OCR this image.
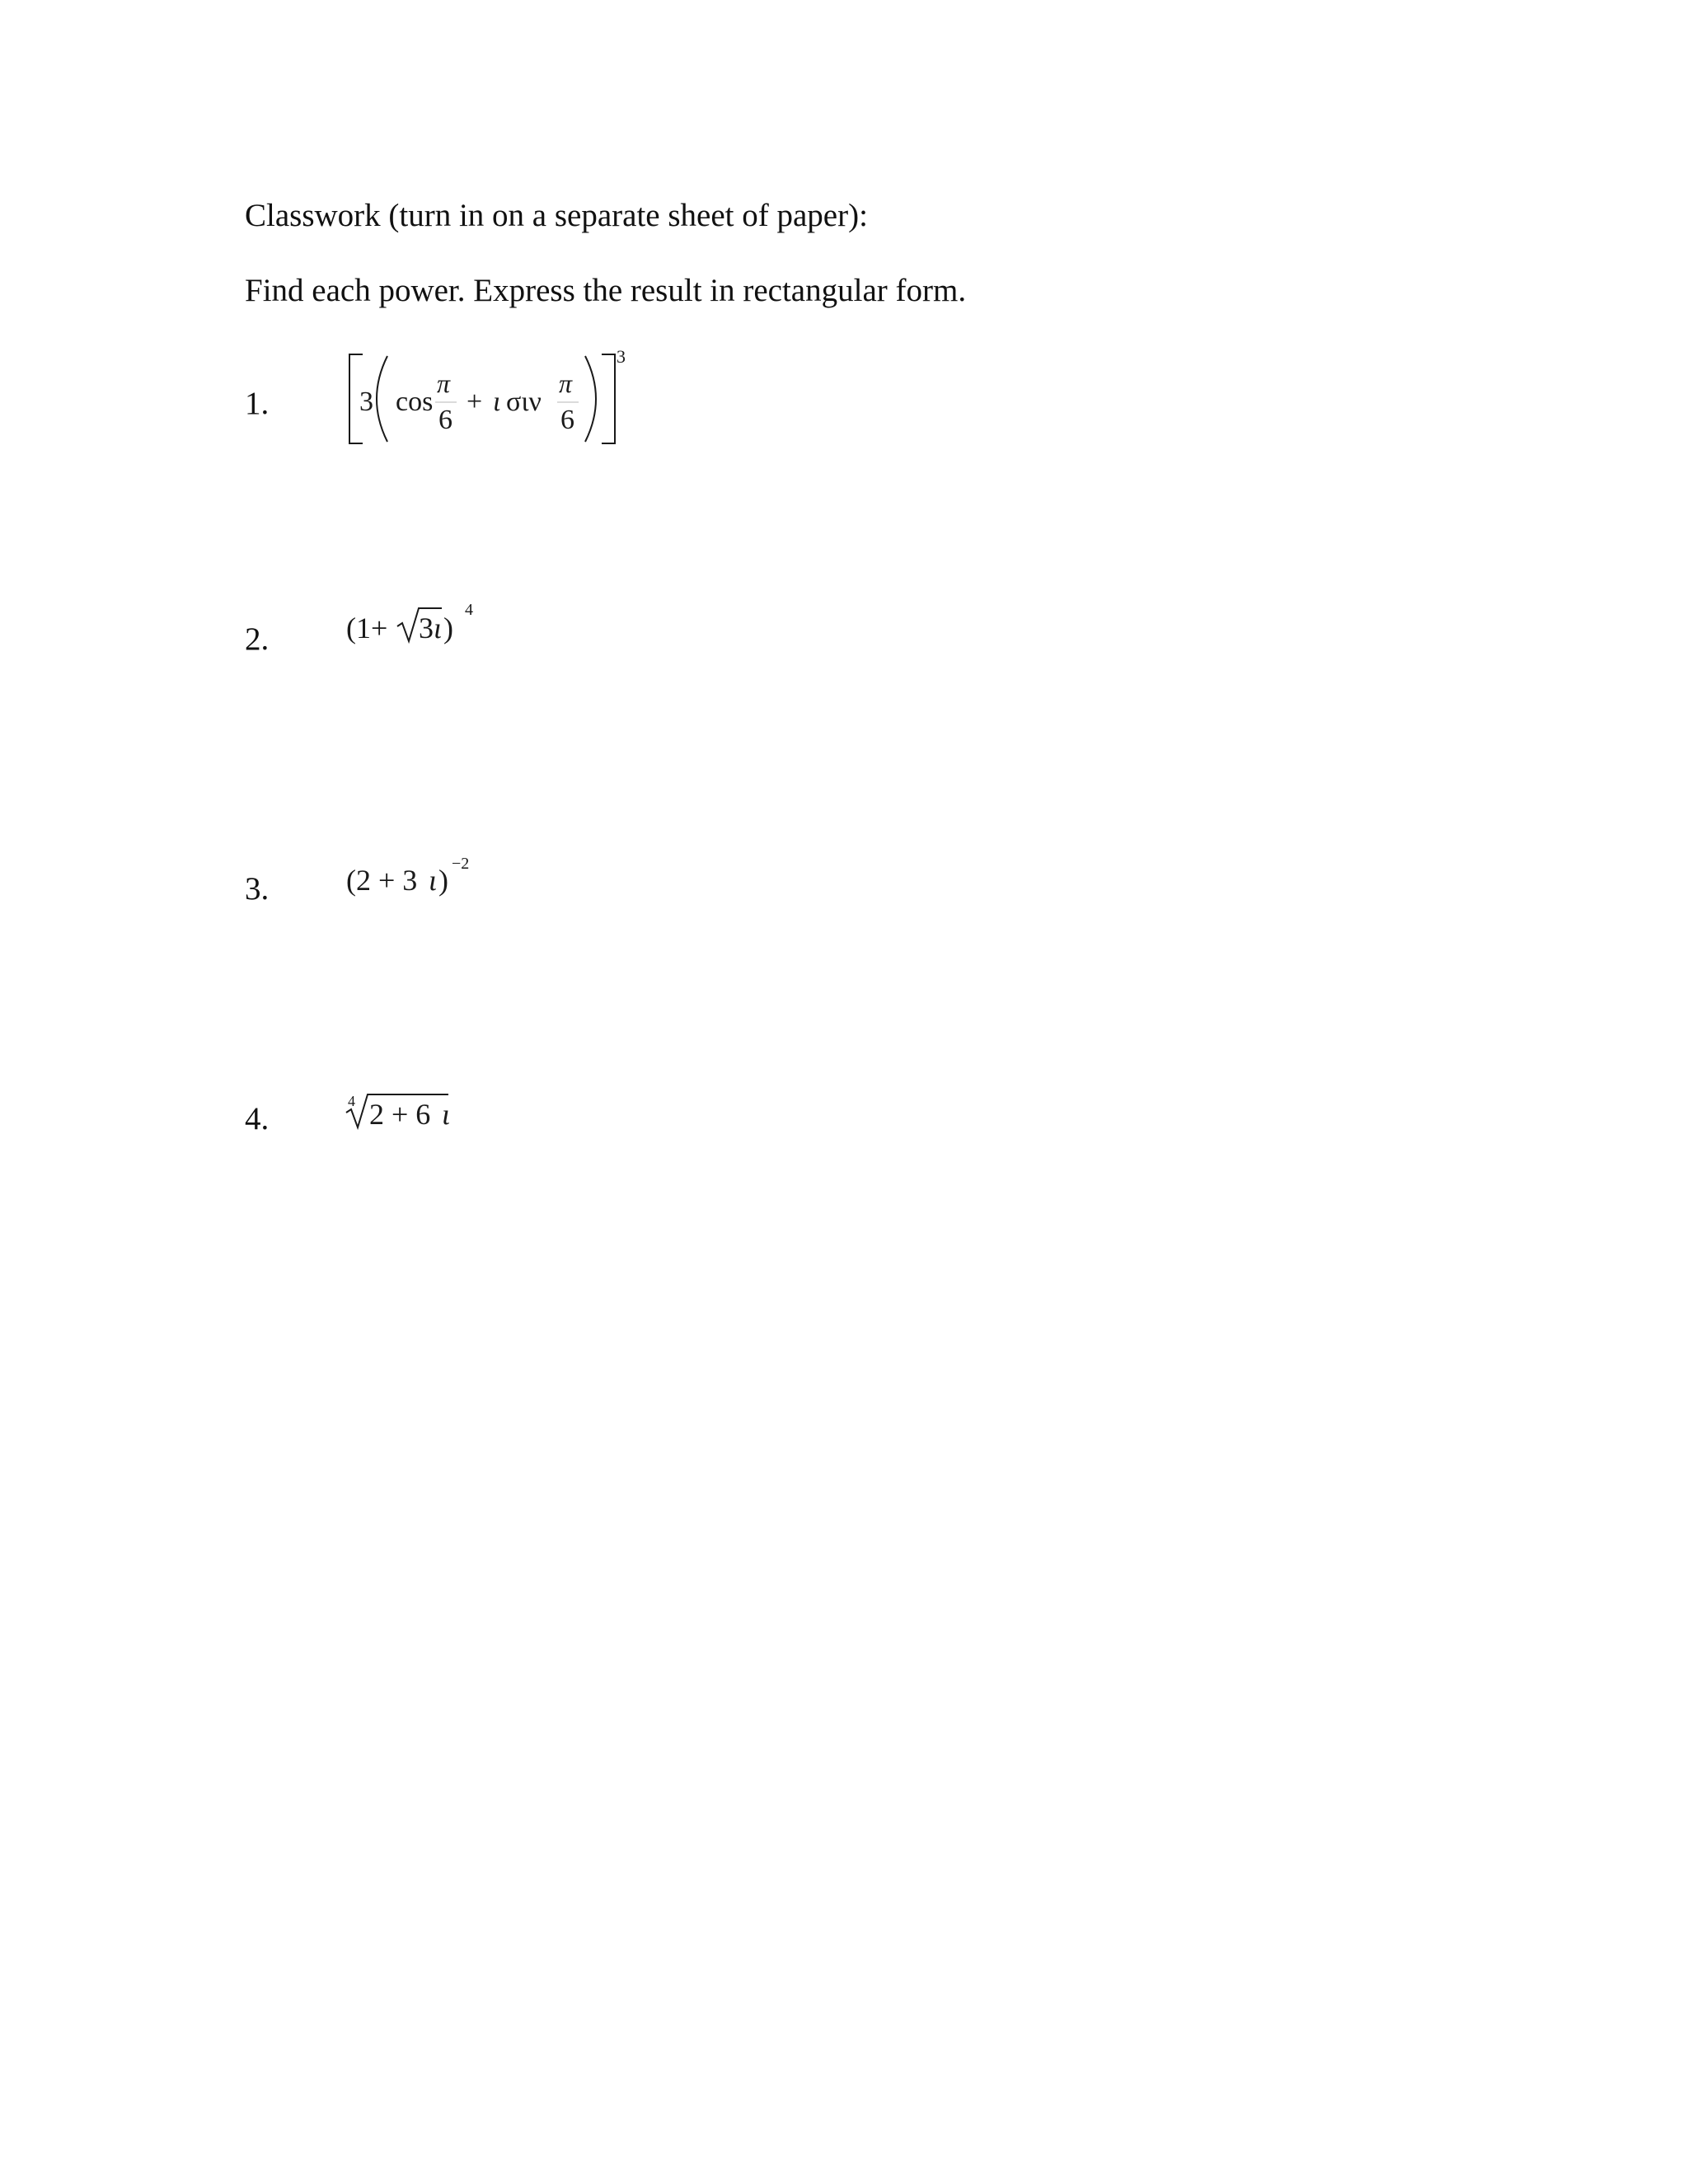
Classwork (turn in on a separate sheet of paper):
Find each power. Express the result in rectangular form.
1.	3 cos
π
6
+ ι σιν
π
6
3
2.	(1+ 3 ι )
4
3.	(2 + 3 ι ) −2
4.	4 2 + 6 ι
